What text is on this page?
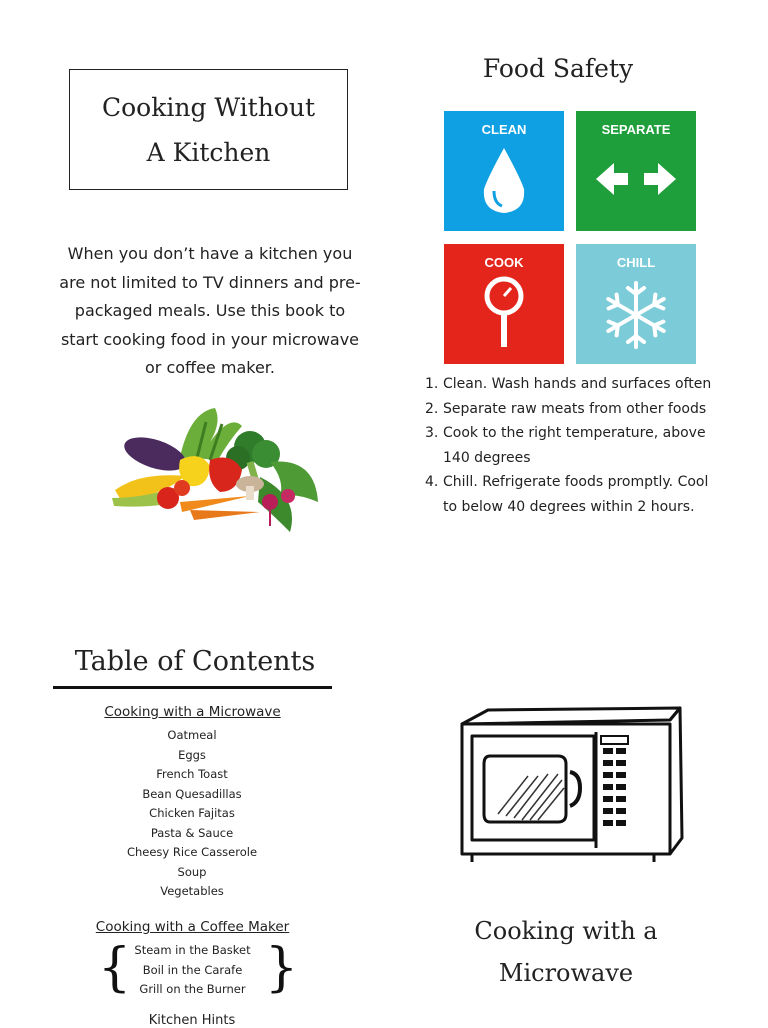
Cooking Without
A Kitchen
When you don’t have a kitchen you are not limited to TV dinners and pre-packaged meals. Use this book to start cooking food in your microwave or coffee maker.
Food Safety
CLEAN	SEPARATE
COOK	CHILL
1. Clean. Wash hands and surfaces often
2. Separate raw meats from other foods
3. Cook to the right temperature, above
140 degrees
4. Chill. Refrigerate foods promptly. Cool
to below 40 degrees within 2 hours.
Table of Contents
Cooking with a Microwave
Oatmeal
Eggs
French Toast
Bean Quesadillas
Chicken Fajitas
Pasta & Sauce
Cheesy Rice Casserole
Soup
Vegetables
Cooking with a Coffee Maker
{ Steam in the Basket
Boil in the Carafe
Grill on the Burner }
Kitchen Hints
Cooking with a
Microwave
